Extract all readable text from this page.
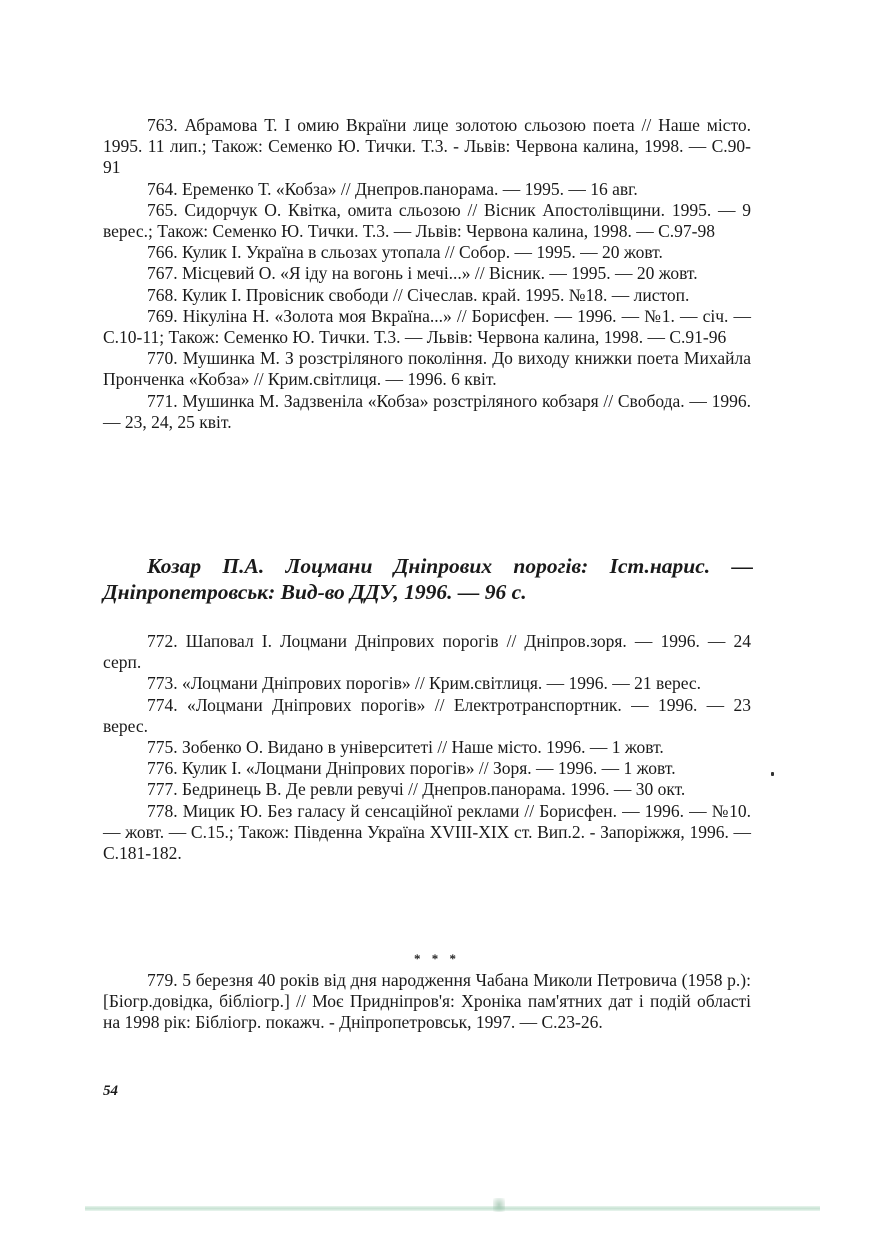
763. Абрамова Т. І омию Вкраїни лице золотою сльозою поета // Наше місто. 1995. 11 лип.; Також: Семенко Ю. Тички. Т.3. - Львів: Червона калина, 1998. — С.90-91

764. Еременко Т. «Кобза» // Днепров.панорама. — 1995. — 16 авг.

765. Сидорчук О. Квітка, омита сльозою // Вісник Апостолівщини. 1995. — 9 верес.; Також: Семенко Ю. Тички. Т.3. — Львів: Червона калина, 1998. — С.97-98

766. Кулик І. Україна в сльозах утопала // Собор. — 1995. — 20 жовт.

767. Місцевий О. «Я іду на вогонь і мечі...» // Вісник. — 1995. — 20 жовт.

768. Кулик І. Провісник свободи // Січеслав. край. 1995. №18. — листоп.

769. Нікуліна Н. «Золота моя Вкраїна...» // Борисфен. — 1996. — №1. — січ. — С.10-11; Також: Семенко Ю. Тички. Т.3. — Львів: Червона калина, 1998. — С.91-96

770. Мушинка М. З розстріляного покоління. До виходу книжки поета Михайла Пронченка «Кобза» // Крим.світлиця. — 1996. 6 квіт.

771. Мушинка М. Задзвеніла «Кобза» розстріляного кобзаря // Свобода. — 1996. — 23, 24, 25 квіт.

Козар П.А. Лоцмани Дніпрових порогів: Іст.нарис. — Дніпропетровськ: Вид-во ДДУ, 1996. — 96 с.

772. Шаповал І. Лоцмани Дніпрових порогів // Дніпров.зоря. — 1996. — 24 серп.

773. «Лоцмани Дніпрових порогів» // Крим.світлиця. — 1996. — 21 верес.

774. «Лоцмани Дніпрових порогів» // Електротранспортник. — 1996. — 23 верес.

775. Зобенко О. Видано в університеті // Наше місто. 1996. — 1 жовт.

776. Кулик І. «Лоцмани Дніпрових порогів» // Зоря. — 1996. — 1 жовт.

777. Бедринець В. Де ревли ревучі // Днепров.панорама. 1996. — 30 окт.

778. Мицик Ю. Без галасу й сенсаційної реклами // Борисфен. — 1996. — №10. — жовт. — С.15.; Також: Південна Україна XVIII-XIX ст. Вип.2. - Запоріжжя, 1996. — С.181-182.

* * *

779. 5 березня 40 років від дня народження Чабана Миколи Петровича (1958 р.): [Біогр.довідка, бібліогр.] // Моє Придніпров'я: Хроніка пам'ятних дат і подій області на 1998 рік: Бібліогр. покажч. - Дніпропетровськ, 1997. — С.23-26.

54
